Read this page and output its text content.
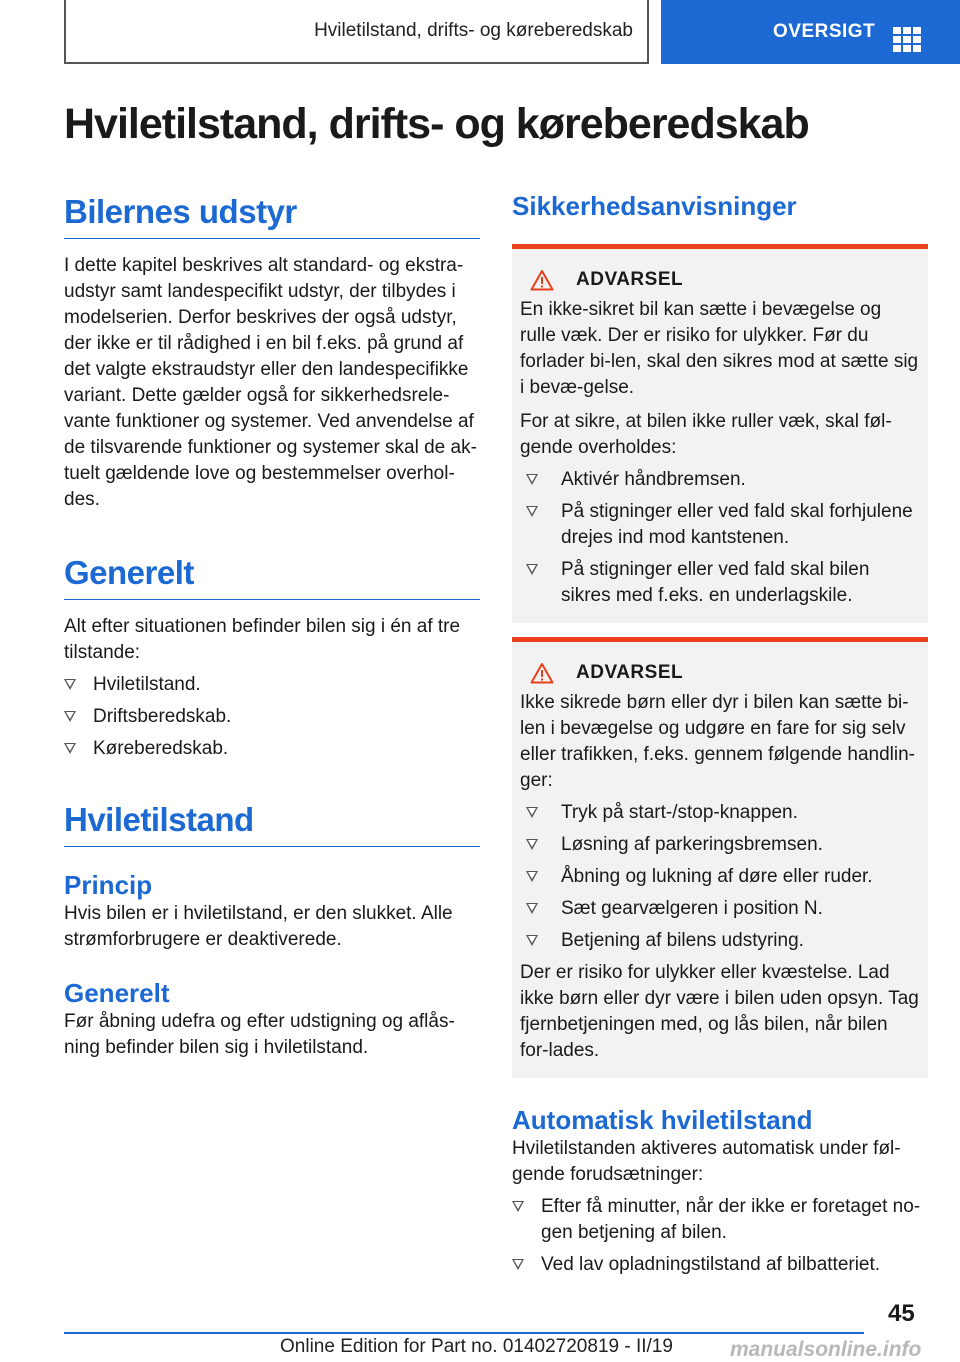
Hviletilstand, drifts- og køreberedskab	OVERSIGT
Hviletilstand, drifts- og køreberedskab
Bilernes udstyr

I dette kapitel beskrives alt standard- og ekstra-udstyr samt landespecifikt udstyr, der tilbydes i modelserien. Derfor beskrives der også udstyr, der ikke er til rådighed i en bil f.eks. på grund af det valgte ekstraudstyr eller den landespecifikke variant. Dette gælder også for sikkerhedsrele-vante funktioner og systemer. Ved anvendelse af de tilsvarende funktioner og systemer skal de ak-tuelt gældende love og bestemmelser overhol-des.

Generelt

Alt efter situationen befinder bilen sig i én af tre tilstande:

Hviletilstand.
Driftsberedskab.
Køreberedskab.
Hviletilstand
Princip

Hvis bilen er i hviletilstand, er den slukket. Alle strømforbrugere er deaktiverede.

Generelt

Før åbning udefra og efter udstigning og aflås-ning befinder bilen sig i hviletilstand.

Sikkerhedsanvisninger
ADVARSEL

En ikke-sikret bil kan sætte i bevægelse og rulle væk. Der er risiko for ulykker. Før du forlader bi-len, skal den sikres mod at sætte sig i bevæ-gelse.

For at sikre, at bilen ikke ruller væk, skal føl-gende overholdes:

Aktivér håndbremsen.
På stigninger eller ved fald skal forhjulene drejes ind mod kantstenen.
På stigninger eller ved fald skal bilen sikres med f.eks. en underlagskile.
ADVARSEL

Ikke sikrede børn eller dyr i bilen kan sætte bi-len i bevægelse og udgøre en fare for sig selv eller trafikken, f.eks. gennem følgende handlin-ger:

Tryk på start-/stop-knappen.
Løsning af parkeringsbremsen.
Åbning og lukning af døre eller ruder.
Sæt gearvælgeren i position N.
Betjening af bilens udstyring.

Der er risiko for ulykker eller kvæstelse. Lad ikke børn eller dyr være i bilen uden opsyn. Tag fjernbetjeningen med, og lås bilen, når bilen for-lades.

Automatisk hviletilstand

Hviletilstanden aktiveres automatisk under føl-gende forudsætninger:

Efter få minutter, når der ikke er foretaget no-gen betjening af bilen.
Ved lav opladningstilstand af bilbatteriet.
45
Online Edition for Part no. 01402720819 - II/19	manualsonline.info
